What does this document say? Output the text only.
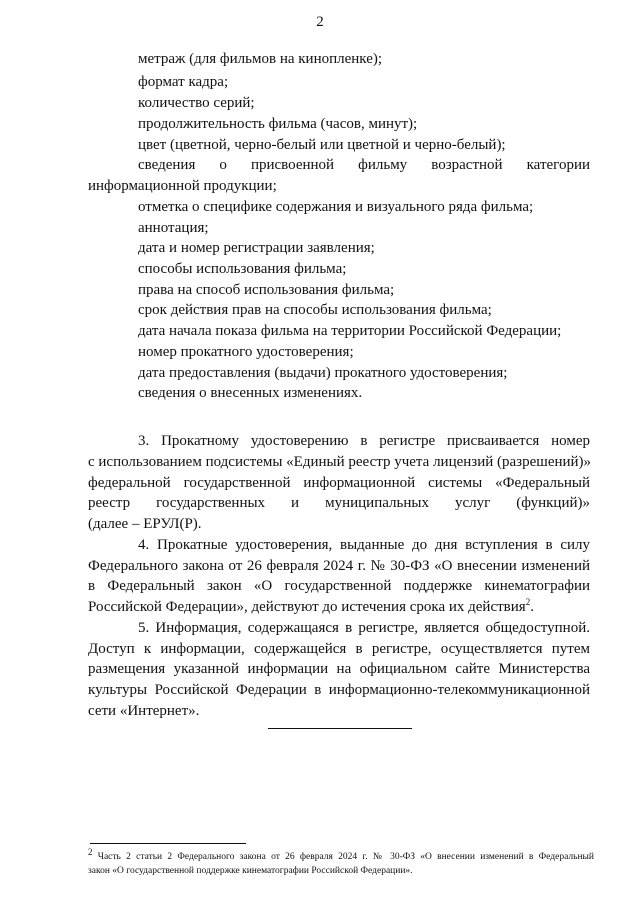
2
метраж (для фильмов на кинопленке);
формат кадра;
количество серий;
продолжительность фильма (часов, минут);
цвет (цветной, черно-белый или цветной и черно-белый);
сведения о присвоенной фильму возрастной категории
информационной продукции;
отметка о специфике содержания и визуального ряда фильма;
аннотация;
дата и номер регистрации заявления;
способы использования фильма;
права на способ использования фильма;
срок действия прав на способы использования фильма;
дата начала показа фильма на территории Российской Федерации;
номер прокатного удостоверения;
дата предоставления (выдачи) прокатного удостоверения;
сведения о внесенных изменениях.
3. Прокатному удостоверению в регистре присваивается номер
с использованием подсистемы «Единый реестр учета лицензий (разрешений)»
федеральной государственной информационной системы «Федеральный
реестр государственных и муниципальных услуг (функций)»
(далее – ЕРУЛ(Р).
4. Прокатные удостоверения, выданные до дня вступления в силу
Федерального закона от 26 февраля 2024 г. № 30-ФЗ «О внесении изменений
в Федеральный закон «О государственной поддержке кинематографии
Российской Федерации», действуют до истечения срока их действия$^2$.
5. Информация, содержащаяся в регистре, является общедоступной.
Доступ к информации, содержащейся в регистре, осуществляется путем
размещения указанной информации на официальном сайте Министерства
культуры Российской Федерации в информационно-телекоммуникационной
сети «Интернет».
2 Часть 2 статьи 2 Федерального закона от 26 февраля 2024 г. № 30-ФЗ «О внесении изменений в Федеральный
закон «О государственной поддержке кинематографии Российской Федерации».
